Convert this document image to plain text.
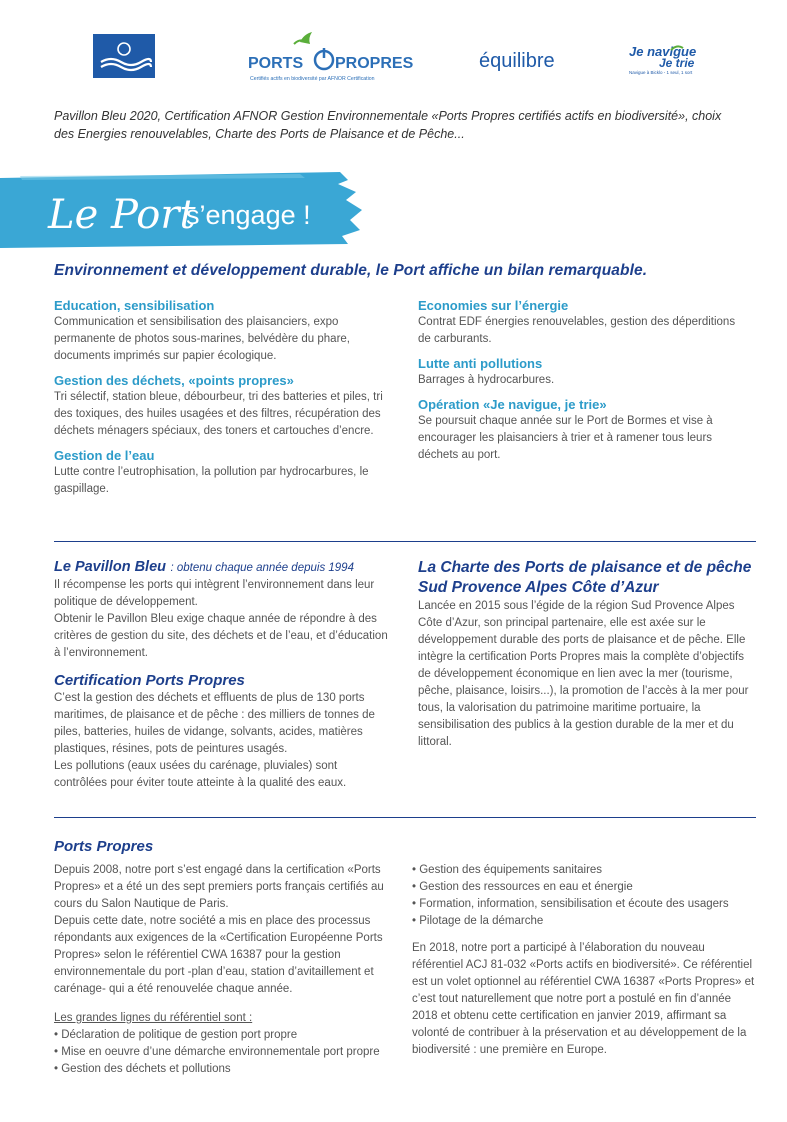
PORTS PROPRES
Certifiés actifs en biodiversité par AFNOR Certification
équilibre	Je navigue
Je trie
Navigue à Bicklo - 1 seul, 1 sort

Pavillon Bleu 2020, Certification AFNOR Gestion Environnementale «Ports Propres certifiés actifs en biodiversité», choix des Energies renouvelables, Charte des Ports de Plaisance et de Pêche...

Le Port
s’engage !
Environnement et développement durable, le Port affiche un bilan remarquable.
Education, sensibilisation
Communication et sensibilisation des plaisanciers, expo permanente de photos sous-marines, belvédère du phare, documents imprimés sur papier écologique.
Gestion des déchets, «points propres»
Tri sélectif, station bleue, débourbeur, tri des batteries et piles, tri des toxiques, des huiles usagées et des filtres, récupération des déchets ménagers spéciaux, des toners et cartouches d’encre.
Gestion de l’eau
Lutte contre l’eutrophisation, la pollution par hydrocarbures, le gaspillage.
Economies sur l’énergie
Contrat EDF énergies renouvelables, gestion des déperditions de carburants.
Lutte anti pollutions
Barrages à hydrocarbures.
Opération «Je navigue, je trie»
Se poursuit chaque année sur le Port de Bormes et vise à encourager les plaisanciers à trier et à ramener tous leurs déchets au port.
Le Pavillon Bleu : obtenu chaque année depuis 1994

Il récompense les ports qui intègrent l’environnement dans leur politique de développement.

Obtenir le Pavillon Bleu exige chaque année de répondre à des critères de gestion du site, des déchets et de l’eau, et d’éducation à l’environnement.

Certification Ports Propres

C’est la gestion des déchets et effluents de plus de 130 ports maritimes, de plaisance et de pêche : des milliers de tonnes de piles, batteries, huiles de vidange, solvants, acides, matières plastiques, résines, pots de peintures usagés.

Les pollutions (eaux usées du carénage, pluviales) sont contrôlées pour éviter toute atteinte à la qualité des eaux.

La Charte des Ports de plaisance et de pêche Sud Provence Alpes Côte d’Azur

Lancée en 2015 sous l’égide de la région Sud Provence Alpes Côte d’Azur, son principal partenaire, elle est axée sur le développement durable des ports de plaisance et de pêche. Elle intègre la certification Ports Propres mais la complète d’objectifs de développement économique en lien avec la mer (tourisme, pêche, plaisance, loisirs...), la promotion de l’accès à la mer pour tous, la valorisation du patrimoine maritime portuaire, la sensibilisation des publics à la gestion durable de la mer et du littoral.

Ports Propres

Depuis 2008, notre port s’est engagé dans la certification «Ports Propres» et a été un des sept premiers ports français certifiés au cours du Salon Nautique de Paris.

Depuis cette date, notre société a mis en place des processus répondants aux exigences de la «Certification Européenne Ports Propres» selon le référentiel CWA 16387 pour la gestion environnementale du port -plan d’eau, station d’avitaillement et carénage- qui a été renouvelée chaque année.

Les grandes lignes du référentiel sont :
• Déclaration de politique de gestion port propre
• Mise en oeuvre d’une démarche environnementale port propre
• Gestion des déchets et pollutions
• Gestion des équipements sanitaires
• Gestion des ressources en eau et énergie
• Formation, information, sensibilisation et écoute des usagers
• Pilotage de la démarche

En 2018, notre port a participé à l’élaboration du nouveau référentiel ACJ 81-032 «Ports actifs en biodiversité». Ce référentiel est un volet optionnel au référentiel CWA 16387 «Ports Propres» et c’est tout naturellement que notre port a postulé en fin d’année 2018 et obtenu cette certification en janvier 2019, affirmant sa volonté de contribuer à la préservation et au développement de la biodiversité : une première en Europe.
